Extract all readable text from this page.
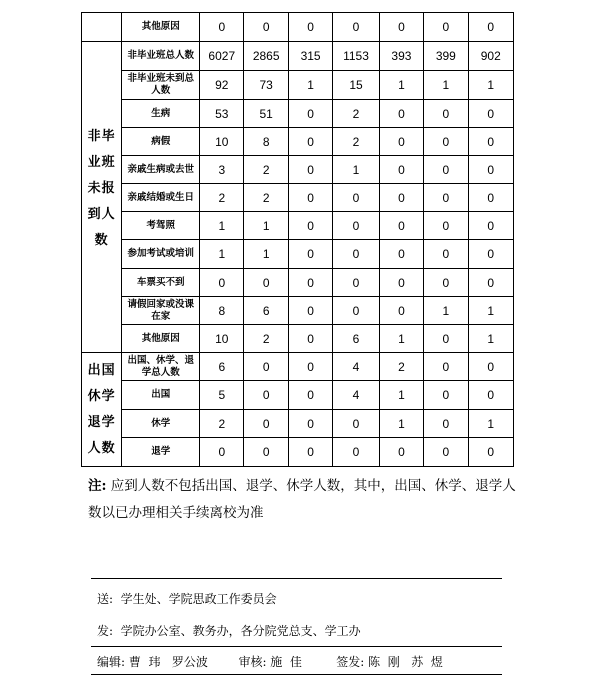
	其他原因	0	0	0	0	0	0	0

非毕
业班
未报
到人
数	非毕业班总人数	6027	2865	315	1153	393	399	902
	非毕业班未到总人数	92	73	1	15	1	1	1
	生病	53	51	0	2	0	0	0
	病假	10	8	0	2	0	0	0
	亲戚生病或去世	3	2	0	1	0	0	0
	亲戚结婚或生日	2	2	0	0	0	0	0
	考驾照	1	1	0	0	0	0	0
	参加考试或培训	1	1	0	0	0	0	0
	车票买不到	0	0	0	0	0	0	0
	请假回家或没课在家	8	6	0	0	0	1	1
	其他原因	10	2	0	6	1	0	1

出国
休学
退学
人数	出国、休学、退学总人数	6	0	0	4	2	0	0
	出国	5	0	0	4	1	0	0
	休学	2	0	0	0	1	0	1
	退学	0	0	0	0	0	0	0
注: 应到人数不包括出国、退学、休学人数，其中，出国、休学、退学人数以已办理相关手续离校为准
送:  学生处、学院思政工作委员会
发:  学院办公室、教务办，各分院党总支、学工办
编辑: 曹  玮   罗公波        审核: 施  佳         签发: 陈  刚   苏  煜
